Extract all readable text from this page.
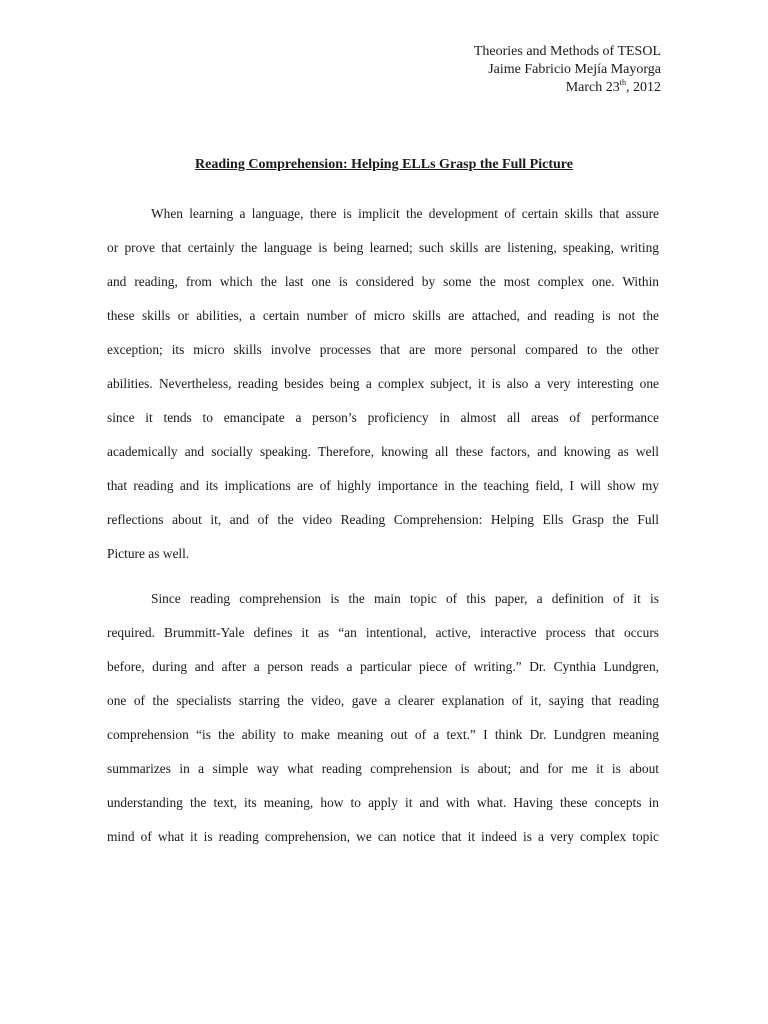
Theories and Methods of TESOL
Jaime Fabricio Mejía Mayorga
March 23th, 2012
Reading Comprehension: Helping ELLs Grasp the Full Picture
When learning a language, there is implicit the development of certain skills that assure
or prove that certainly the language is being learned; such skills are listening, speaking, writing
and reading, from which the last one is considered by some the most complex one. Within
these skills or abilities, a certain number of micro skills are attached, and reading is not the
exception; its micro skills involve processes that are more personal compared to the other
abilities. Nevertheless, reading besides being a complex subject, it is also a very interesting one
since it tends to emancipate a person’s proficiency in almost all areas of performance
academically and socially speaking. Therefore, knowing all these factors, and knowing as well
that reading and its implications are of highly importance in the teaching field, I will show my
reflections about it, and of the video Reading Comprehension: Helping Ells Grasp the Full
Picture as well.
Since reading comprehension is the main topic of this paper, a definition of it is
required. Brummitt-Yale defines it as “an intentional, active, interactive process that occurs
before, during and after a person reads a particular piece of writing.” Dr. Cynthia Lundgren,
one of the specialists starring the video, gave a clearer explanation of it, saying that reading
comprehension “is the ability to make meaning out of a text.” I think Dr. Lundgren meaning
summarizes in a simple way what reading comprehension is about; and for me it is about
understanding the text, its meaning, how to apply it and with what. Having these concepts in
mind of what it is reading comprehension, we can notice that it indeed is a very complex topic
